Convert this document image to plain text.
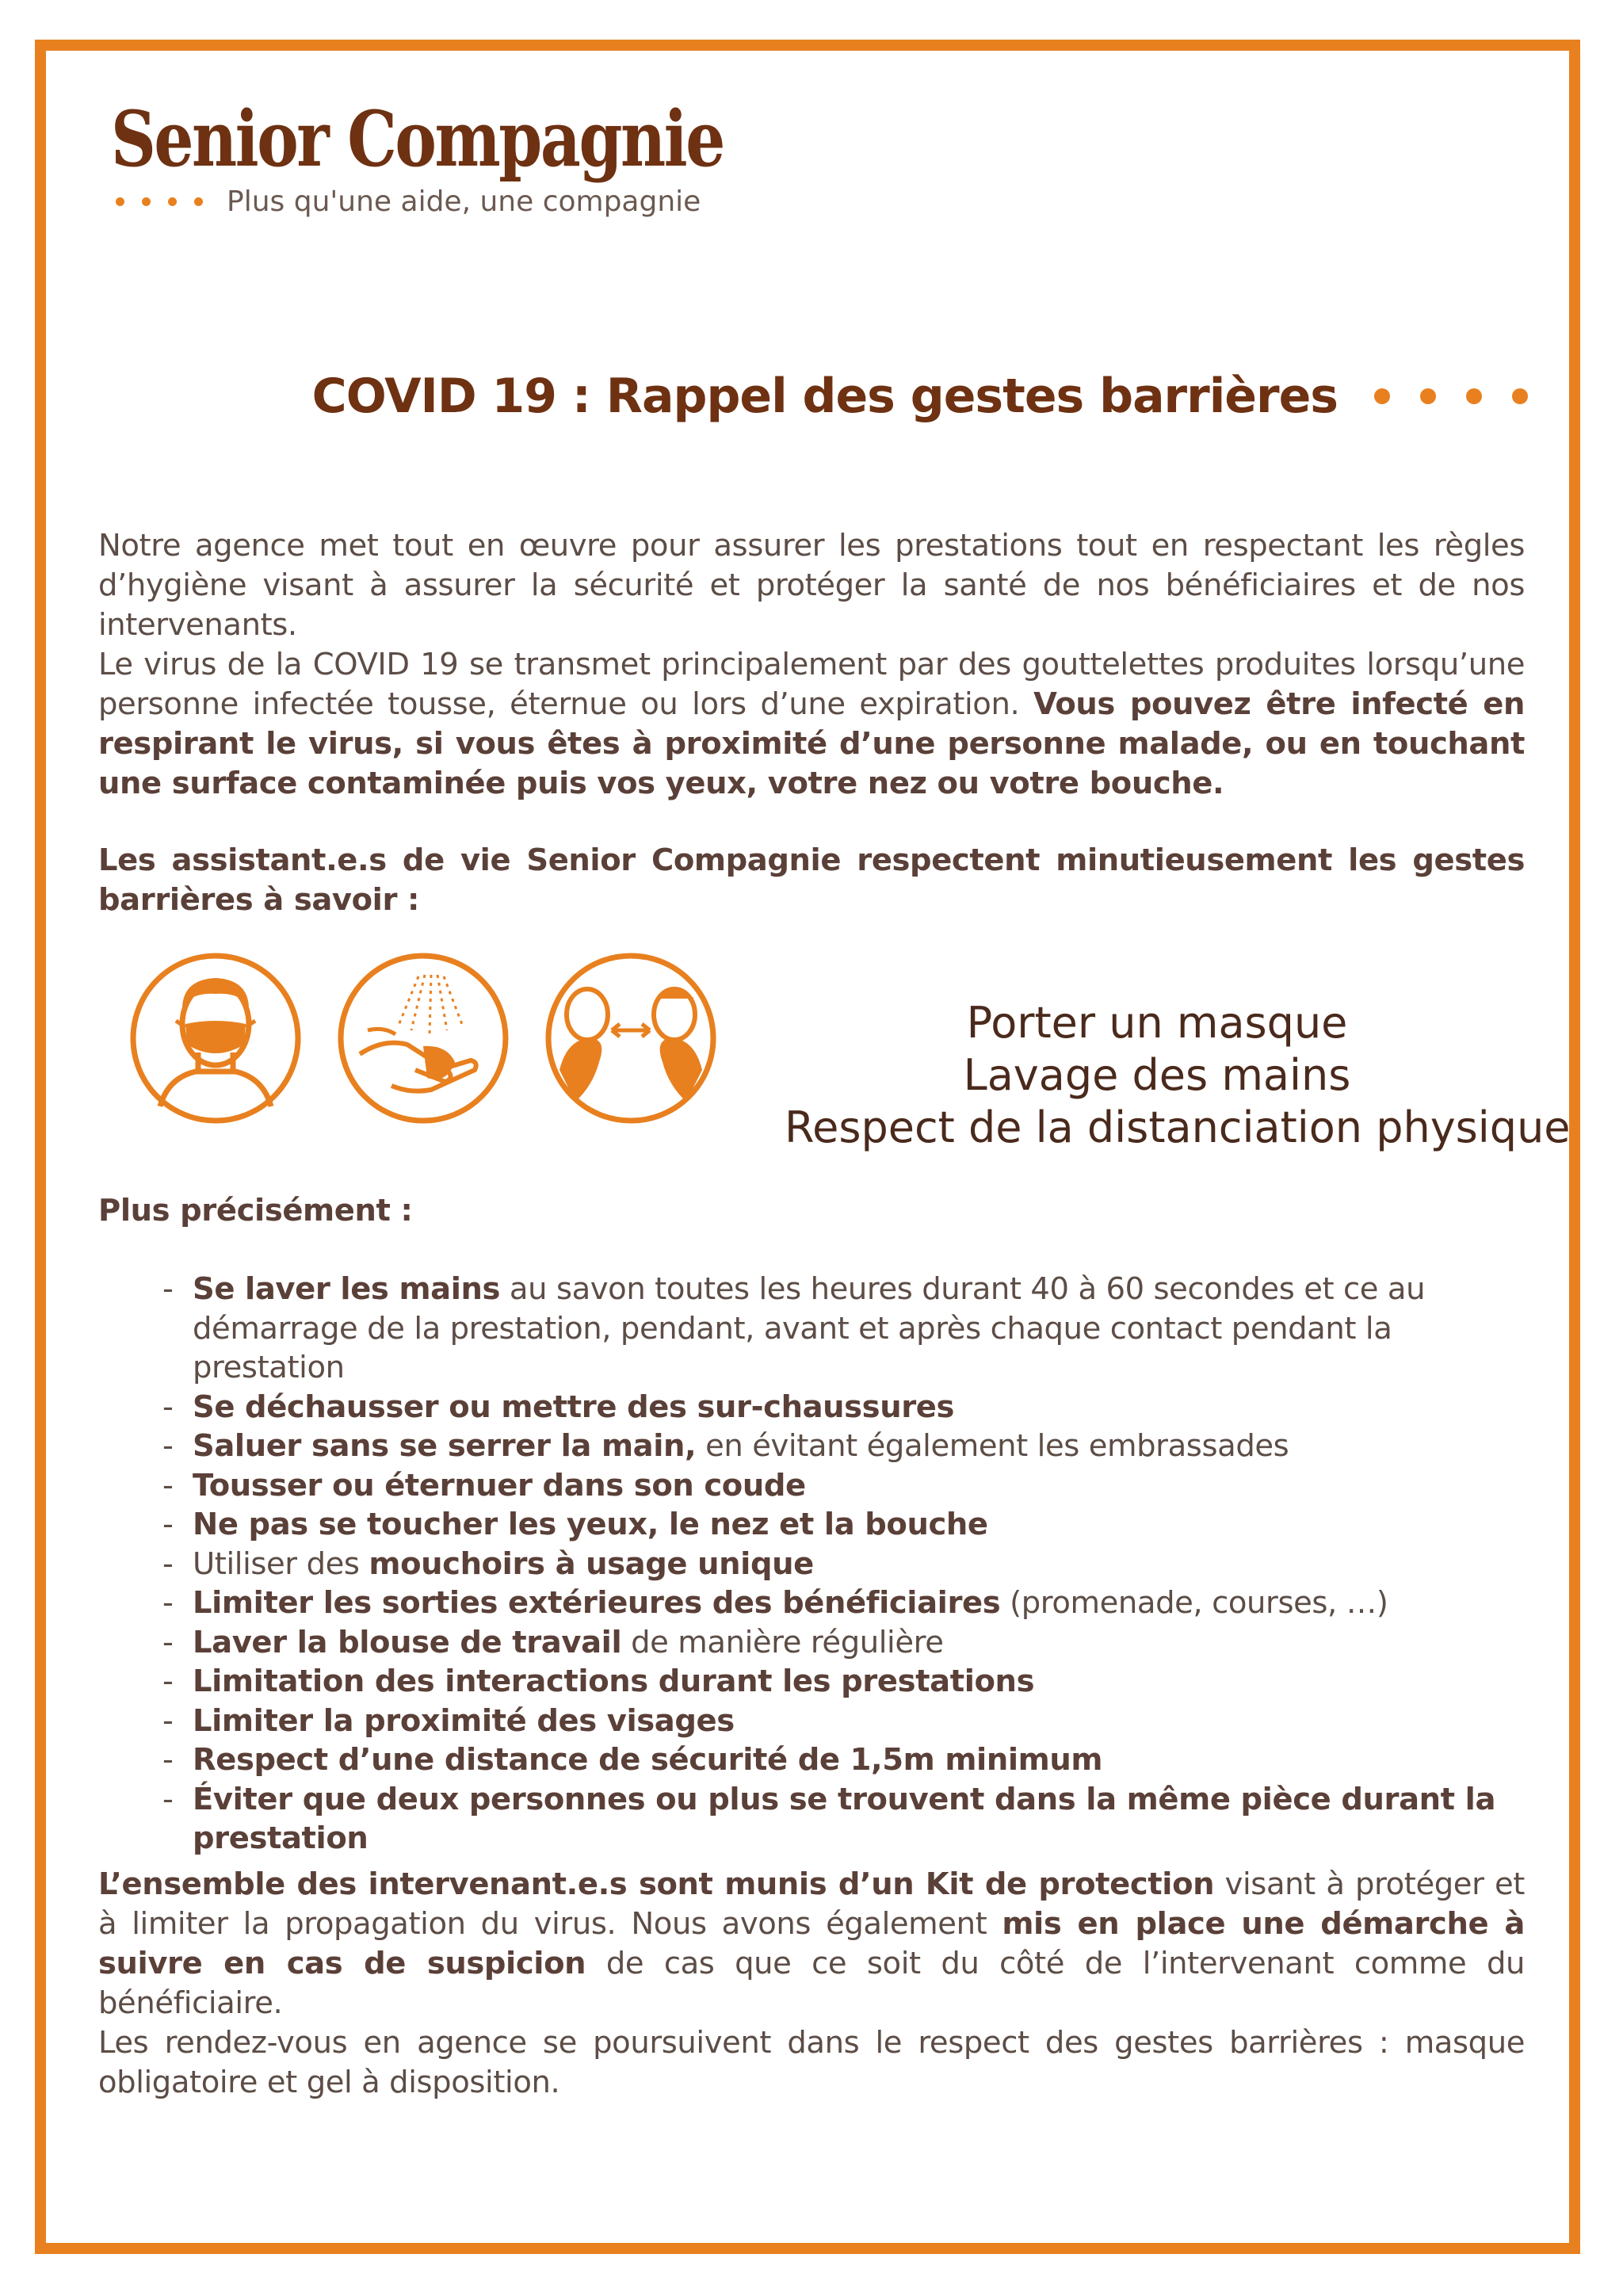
Senior Compagnie
Plus qu'une aide, une compagnie
COVID 19 : Rappel des gestes barrières
Notre agence met tout en œuvre pour assurer les prestations tout en respectant les règles d’hygiène visant à assurer la sécurité et protéger la santé de nos bénéficiaires et de nos intervenants.
Le virus de la COVID 19 se transmet principalement par des gouttelettes produites lorsqu’une personne infectée tousse, éternue ou lors d’une expiration. Vous pouvez être infecté en respirant le virus, si vous êtes à proximité d’une personne malade, ou en touchant une surface contaminée puis vos yeux, votre nez ou votre bouche.
Les assistant.e.s de vie Senior Compagnie respectent minutieusement les gestes barrières à savoir :
Porter un masque
Lavage des mains
Respect de la distanciation physique
Plus précisément :
- Se laver les mains au savon toutes les heures durant 40 à 60 secondes et ce au démarrage de la prestation, pendant, avant et après chaque contact pendant la prestation
- Se déchausser ou mettre des sur-chaussures
- Saluer sans se serrer la main, en évitant également les embrassades
- Tousser ou éternuer dans son coude
- Ne pas se toucher les yeux, le nez et la bouche
- Utiliser des mouchoirs à usage unique
- Limiter les sorties extérieures des bénéficiaires (promenade, courses, …)
- Laver la blouse de travail de manière régulière
- Limitation des interactions durant les prestations
- Limiter la proximité des visages
- Respect d’une distance de sécurité de 1,5m minimum
- Éviter que deux personnes ou plus se trouvent dans la même pièce durant la prestation
L’ensemble des intervenant.e.s sont munis d’un Kit de protection visant à protéger et à limiter la propagation du virus. Nous avons également mis en place une démarche à suivre en cas de suspicion de cas que ce soit du côté de l’intervenant comme du bénéficiaire.
Les rendez-vous en agence se poursuivent dans le respect des gestes barrières : masque obligatoire et gel à disposition.
